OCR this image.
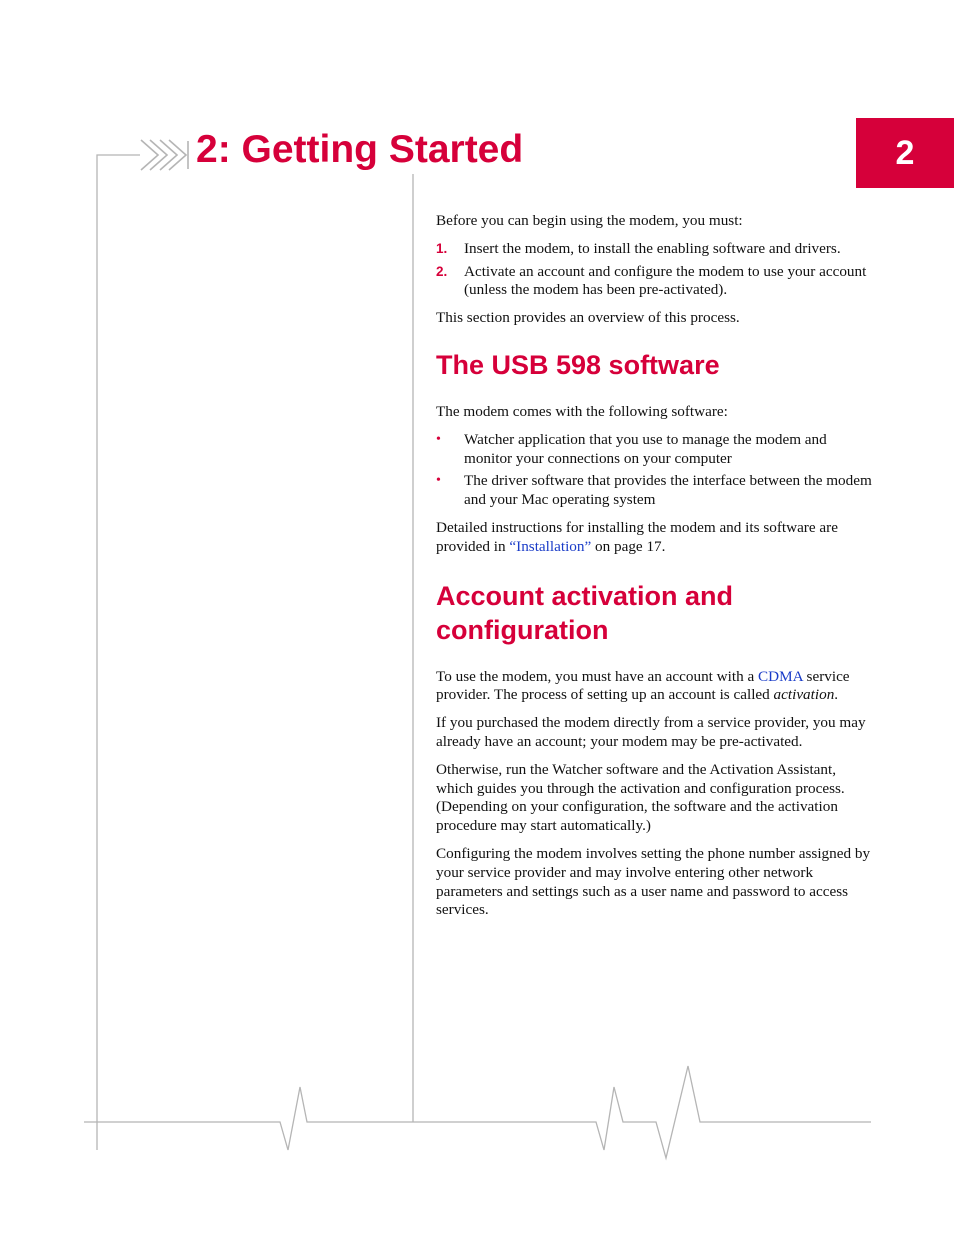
2
2: Getting Started

Before you can begin using the modem, you must:

1. Insert the modem, to install the enabling software and drivers.
2. Activate an account and configure the modem to use your account (unless the modem has been pre-activated).

This section provides an overview of this process.

The USB 598 software

The modem comes with the following software:

• Watcher application that you use to manage the modem and monitor your connections on your computer
• The driver software that provides the interface between the modem and your Mac operating system

Detailed instructions for installing the modem and its software are provided in “Installation” on page 17.

Account activation and configuration

To use the modem, you must have an account with a CDMA service provider. The process of setting up an account is called activation.

If you purchased the modem directly from a service provider, you may already have an account; your modem may be pre-activated.

Otherwise, run the Watcher software and the Activation Assistant, which guides you through the activation and configuration process. (Depending on your configuration, the software and the activation procedure may start automatically.)

Configuring the modem involves setting the phone number assigned by your service provider and may involve entering other network parameters and settings such as a user name and password to access services.
